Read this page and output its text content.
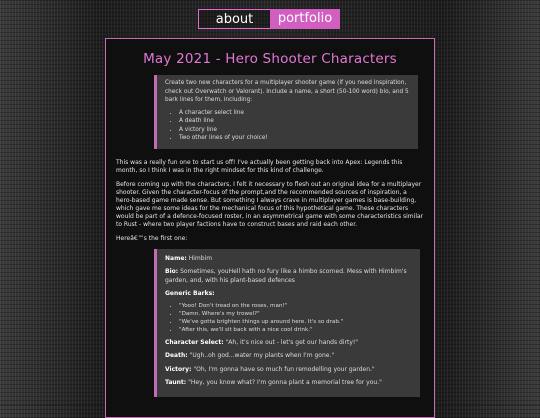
about	portfolio
May 2021 - Hero Shooter Characters
Create two new characters for a multiplayer shooter game (if you need inspiration, check out Overwatch or Valorant). Include a name, a short (50-100 word) bio, and 5 bark lines for them, including:
• A character select line
• A death line
• A victory line
• Two other lines of your choice!

This was a really fun one to start us off! I've actually been getting back into Apex: Legends this month, so I think I was in the right mindset for this kind of challenge.

Before coming up with the characters, I felt it necessary to flesh out an original idea for a multiplayer shooter. Given the character-focus of the prompt,and the recommended sources of inspiration, a hero-based game made sense. But something I always crave in multiplayer games is base-building, which gave me some ideas for the mechanical focus of this hypothetical game. These characters would be part of a defence-focused roster, in an asymmetrical game with some characteristics similar to Rust - where two player factions have to construct bases and raid each other.

Hereâ€™s the first one:

Name: Himbim
Bio: Sometimes, youHell hath no fury like a himbo scorned. Mess with Himbim's garden, and, with his plant-based defences
Generic Barks:
• "Yooo! Don't tread on the roses, man!"
• "Damn. Where's my trowel?"
• "We've gotta brighten things up around here. It's so drab."
• "After this, we'll sit back with a nice cool drink."
Character Select: "Ah, it's nice out - let's get our hands dirty!"
Death: "Ugh..oh god...water my plants when I'm gone."
Victory: "Oh, I'm gonna have so much fun remodelling your garden."
Taunt: "Hey, you know what? I'm gonna plant a memorial tree for you."
